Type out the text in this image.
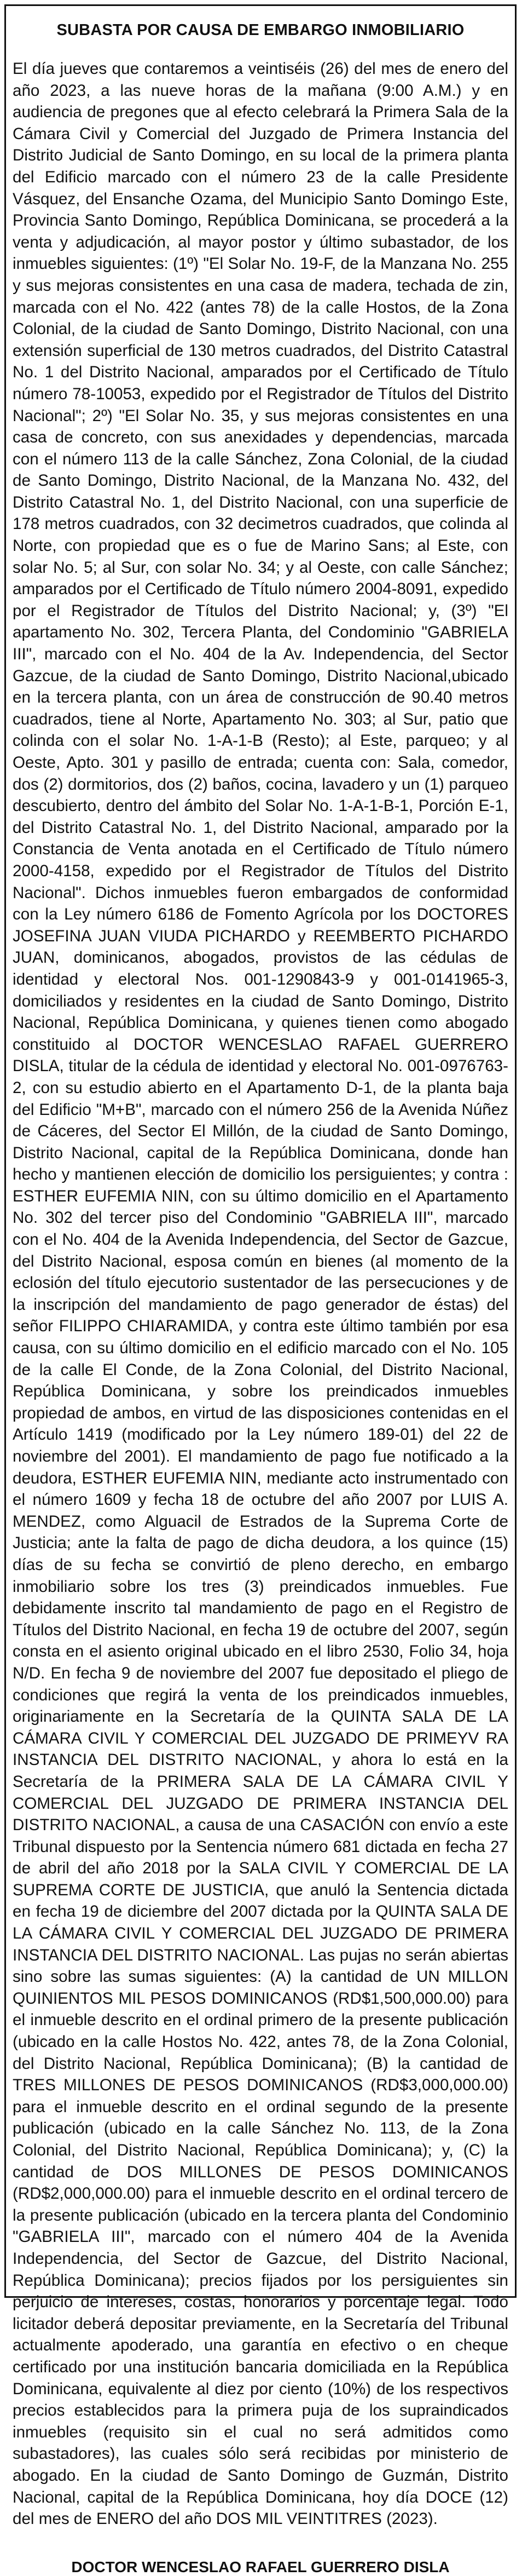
SUBASTA POR CAUSA DE EMBARGO INMOBILIARIO

El día jueves que contaremos a veintiséis (26) del mes de enero del año 2023, a las nueve horas de la mañana (9:00 A.M.) y en audiencia de pregones que al efecto celebrará la Primera Sala de la Cámara Civil y Comercial del Juzgado de Primera Instancia del Distrito Judicial de Santo Domingo, en su local de la primera planta del Edificio marcado con el número 23 de la calle Presidente Vásquez, del Ensanche Ozama, del Municipio Santo Domingo Este, Provincia Santo Domingo, República Dominicana, se procederá a la venta y adjudicación, al mayor postor y último subastador, de los inmuebles siguientes: (1º) "El Solar No. 19-F, de la Manzana No. 255 y sus mejoras consistentes en una casa de madera, techada de zin, marcada con el No. 422 (antes 78) de la calle Hostos, de la Zona Colonial, de la ciudad de Santo Domingo, Distrito Nacional, con una extensión superficial de 130 metros cuadrados, del Distrito Catastral No. 1 del Distrito Nacional, amparados por el Certificado de Título número 78-10053, expedido por el Registrador de Títulos del Distrito Nacional"; 2º) "El Solar No. 35, y sus mejoras consistentes en una casa de concreto, con sus anexidades y dependencias, marcada con el número 113 de la calle Sánchez, Zona Colonial, de la ciudad de Santo Domingo, Distrito Nacional, de la Manzana No. 432, del Distrito Catastral No. 1, del Distrito Nacional, con una superficie de 178 metros cuadrados, con 32 decimetros cuadrados, que colinda al Norte, con propiedad que es o fue de Marino Sans; al Este, con solar No. 5; al Sur, con solar No. 34; y al Oeste, con calle Sánchez; amparados por el Certificado de Título número 2004-8091, expedido por el Registrador de Títulos del Distrito Nacional; y, (3º) "El apartamento No. 302, Tercera Planta, del Condominio "GABRIELA III", marcado con el No. 404 de la Av. Independencia, del Sector Gazcue, de la ciudad de Santo Domingo, Distrito Nacional,ubicado en la tercera planta, con un área de construcción de 90.40 metros cuadrados, tiene al Norte, Apartamento No. 303; al Sur, patio que colinda con el solar No. 1-A-1-B (Resto); al Este, parqueo; y al Oeste, Apto. 301 y pasillo de entrada; cuenta con: Sala, comedor, dos (2) dormitorios, dos (2) baños, cocina, lavadero y un (1) parqueo descubierto, dentro del ámbito del Solar No. 1-A-1-B-1, Porción E-1, del Distrito Catastral No. 1, del Distrito Nacional, amparado por la Constancia de Venta anotada en el Certificado de Título número 2000-4158, expedido por el Registrador de Títulos del Distrito Nacional". Dichos inmuebles fueron embargados de conformidad con la Ley número 6186 de Fomento Agrícola por los DOCTORES JOSEFINA JUAN VIUDA PICHARDO y REEMBERTO PICHARDO JUAN, dominicanos, abogados, provistos de las cédulas de identidad y electoral Nos. 001-1290843-9 y 001-0141965-3, domiciliados y residentes en la ciudad de Santo Domingo, Distrito Nacional, República Dominicana, y quienes tienen como abogado constituido al DOCTOR WENCESLAO RAFAEL GUERRERO DISLA, titular de la cédula de identidad y electoral No. 001-0976763-2, con su estudio abierto en el Apartamento D-1, de la planta baja del Edificio "M+B", marcado con el número 256 de la Avenida Núñez de Cáceres, del Sector El Millón, de la ciudad de Santo Domingo, Distrito Nacional, capital de la República Dominicana, donde han hecho y mantienen elección de domicilio los persiguientes; y contra : ESTHER EUFEMIA NIN, con su último domicilio en el Apartamento No. 302 del tercer piso del Condominio "GABRIELA III", marcado con el No. 404 de la Avenida Independencia, del Sector de Gazcue, del Distrito Nacional, esposa común en bienes (al momento de la eclosión del título ejecutorio sustentador de las persecuciones y de la inscripción del mandamiento de pago generador de éstas) del señor FILIPPO CHIARAMIDA, y contra este último también por esa causa, con su último domicilio en el edificio marcado con el No. 105 de la calle El Conde, de la Zona Colonial, del Distrito Nacional, República Dominicana, y sobre los preindicados inmuebles propiedad de ambos, en virtud de las disposiciones contenidas en el Artículo 1419 (modificado por la Ley número 189-01) del 22 de noviembre del 2001). El mandamiento de pago fue notificado a la deudora, ESTHER EUFEMIA NIN, mediante acto instrumentado con el número 1609 y fecha 18 de octubre del año 2007 por LUIS A. MENDEZ, como Alguacil de Estrados de la Suprema Corte de Justicia; ante la falta de pago de dicha deudora, a los quince (15) días de su fecha se convirtió de pleno derecho, en embargo inmobiliario sobre los tres (3) preindicados inmuebles. Fue debidamente inscrito tal mandamiento de pago en el Registro de Títulos del Distrito Nacional, en fecha 19 de octubre del 2007, según consta en el asiento original ubicado en el libro 2530, Folio 34, hoja N/D. En fecha 9 de noviembre del 2007 fue depositado el pliego de condiciones que regirá la venta de los preindicados inmuebles, originariamente en la Secretaría de la QUINTA SALA DE LA CÁMARA CIVIL Y COMERCIAL DEL JUZGADO DE PRIMEYV RA INSTANCIA DEL DISTRITO NACIONAL, y ahora lo está en la Secretaría de la PRIMERA SALA DE LA CÁMARA CIVIL Y COMERCIAL DEL JUZGADO DE PRIMERA INSTANCIA DEL DISTRITO NACIONAL, a causa de una CASACIÓN con envío a este Tribunal dispuesto por la Sentencia número 681 dictada en fecha 27 de abril del año 2018 por la SALA CIVIL Y COMERCIAL DE LA SUPREMA CORTE DE JUSTICIA, que anuló la Sentencia dictada en fecha 19 de diciembre del 2007 dictada por la QUINTA SALA DE LA CÁMARA CIVIL Y COMERCIAL DEL JUZGADO DE PRIMERA INSTANCIA DEL DISTRITO NACIONAL. Las pujas no serán abiertas sino sobre las sumas siguientes: (A) la cantidad de UN MILLON QUINIENTOS MIL PESOS DOMINICANOS (RD$1,500,000.00) para el inmueble descrito en el ordinal primero de la presente publicación (ubicado en la calle Hostos No. 422, antes 78, de la Zona Colonial, del Distrito Nacional, República Dominicana); (B) la cantidad de TRES MILLONES DE PESOS DOMINICANOS (RD$3,000,000.00) para el inmueble descrito en el ordinal segundo de la presente publicación (ubicado en la calle Sánchez No. 113, de la Zona Colonial, del Distrito Nacional, República Dominicana); y, (C) la cantidad de DOS MILLONES DE PESOS DOMINICANOS (RD$2,000,000.00) para el inmueble descrito en el ordinal tercero de la presente publicación (ubicado en la tercera planta del Condominio "GABRIELA III", marcado con el número 404 de la Avenida Independencia, del Sector de Gazcue, del Distrito Nacional, República Dominicana); precios fijados por los persiguientes sin perjuicio de intereses, costas, honorarios y porcentaje legal. Todo licitador deberá depositar previamente, en la Secretaría del Tribunal actualmente apoderado, una garantía en efectivo o en cheque certificado por una institución bancaria domiciliada en la República Dominicana, equivalente al diez por ciento (10%) de los respectivos precios establecidos para la primera puja de los supraindicados inmuebles (requisito sin el cual no será admitidos como subastadores), las cuales sólo será recibidas por ministerio de abogado. En la ciudad de Santo Domingo de Guzmán, Distrito Nacional, capital de la República Dominicana, hoy día DOCE (12) del mes de ENERO del año DOS MIL VEINTITRES (2023).

DOCTOR WENCESLAO RAFAEL GUERRERO DISLA
